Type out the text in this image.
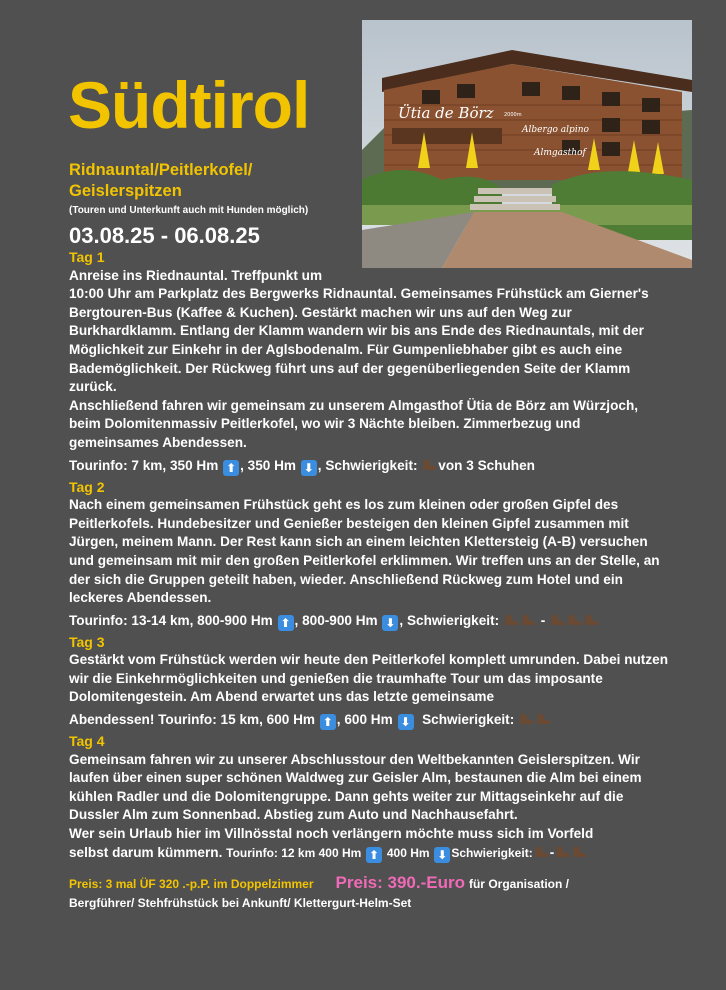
Ütia de Börz 2000m
Albergo alpino
Almgasthof
Südtirol
Ridnauntal/Peitlerkofel/ Geislerspitzen
(Touren und Unterkunft auch mit Hunden möglich)
03.08.25 - 06.08.25
Tag 1
Anreise ins Riednauntal. Treffpunkt um
10:00 Uhr am Parkplatz des Bergwerks Ridnauntal. Gemeinsames Frühstück am Gierner's Bergtouren-Bus (Kaffee & Kuchen). Gestärkt machen wir uns auf den Weg zur Burkhardklamm. Entlang der Klamm wandern wir bis ans Ende des Riednauntals, mit der Möglichkeit zur Einkehr in der Aglsbodenalm. Für Gumpenliebhaber gibt es auch eine Bademöglichkeit. Der Rückweg führt uns auf der gegenüberliegenden Seite der Klamm zurück.
Anschließend fahren wir gemeinsam zu unserem Almgasthof Ütia de Börz am Würzjoch, beim Dolomitenmassiv Peitlerkofel, wo wir 3 Nächte bleiben. Zimmerbezug und gemeinsames Abendessen.
Tourinfo: 7 km, 350 Hm ⬆ , 350 Hm ⬇ , Schwierigkeit: von 3 Schuhen
Tag 2
Nach einem gemeinsamen Frühstück geht es los zum kleinen oder großen Gipfel des Peitlerkofels. Hundebesitzer und Genießer besteigen den kleinen Gipfel zusammen mit Jürgen, meinem Mann. Der Rest kann sich an einem leichten Klettersteig (A-B) versuchen und gemeinsam mit mir den großen Peitlerkofel erklimmen. Wir treffen uns an der Stelle, an der sich die Gruppen geteilt haben, wieder. Anschließend Rückweg zum Hotel und ein leckeres Abendessen.
Tourinfo: 13-14 km, 800-900 Hm ⬆ , 800-900 Hm ⬇ , Schwierigkeit:	-
Tag 3
Gestärkt vom Frühstück werden wir heute den Peitlerkofel komplett umrunden. Dabei nutzen wir die Einkehrmöglichkeiten und genießen die traumhafte Tour um das imposante Dolomitengestein. Am Abend erwartet uns das letzte gemeinsame
Abendessen! Tourinfo: 15 km, 600 Hm ⬆ , 600 Hm ⬇ Schwierigkeit:
Tag 4
Gemeinsam fahren wir zu unserer Abschlusstour den Weltbekannten Geislerspitzen. Wir laufen über einen super schönen Waldweg zur Geisler Alm, bestaunen die Alm bei einem kühlen Radler und die Dolomitengruppe. Dann gehts weiter zur Mittagseinkehr auf die Dussler Alm zum Sonnenbad. Abstieg zum Auto und Nachhausefahrt.
Wer sein Urlaub hier im Villnösstal noch verlängern möchte muss sich im Vorfeld
selbst darum kümmern. Tourinfo: 12 km 400 Hm ⬆ 400 Hm ⬇ Schwierigkeit: -
Preis: 3 mal ÜF 320 .-p.P. im Doppelzimmer Preis: 390.-Euro für Organisation /
Bergführer/ Stehfrühstück bei Ankunft/ Klettergurt-Helm-Set
